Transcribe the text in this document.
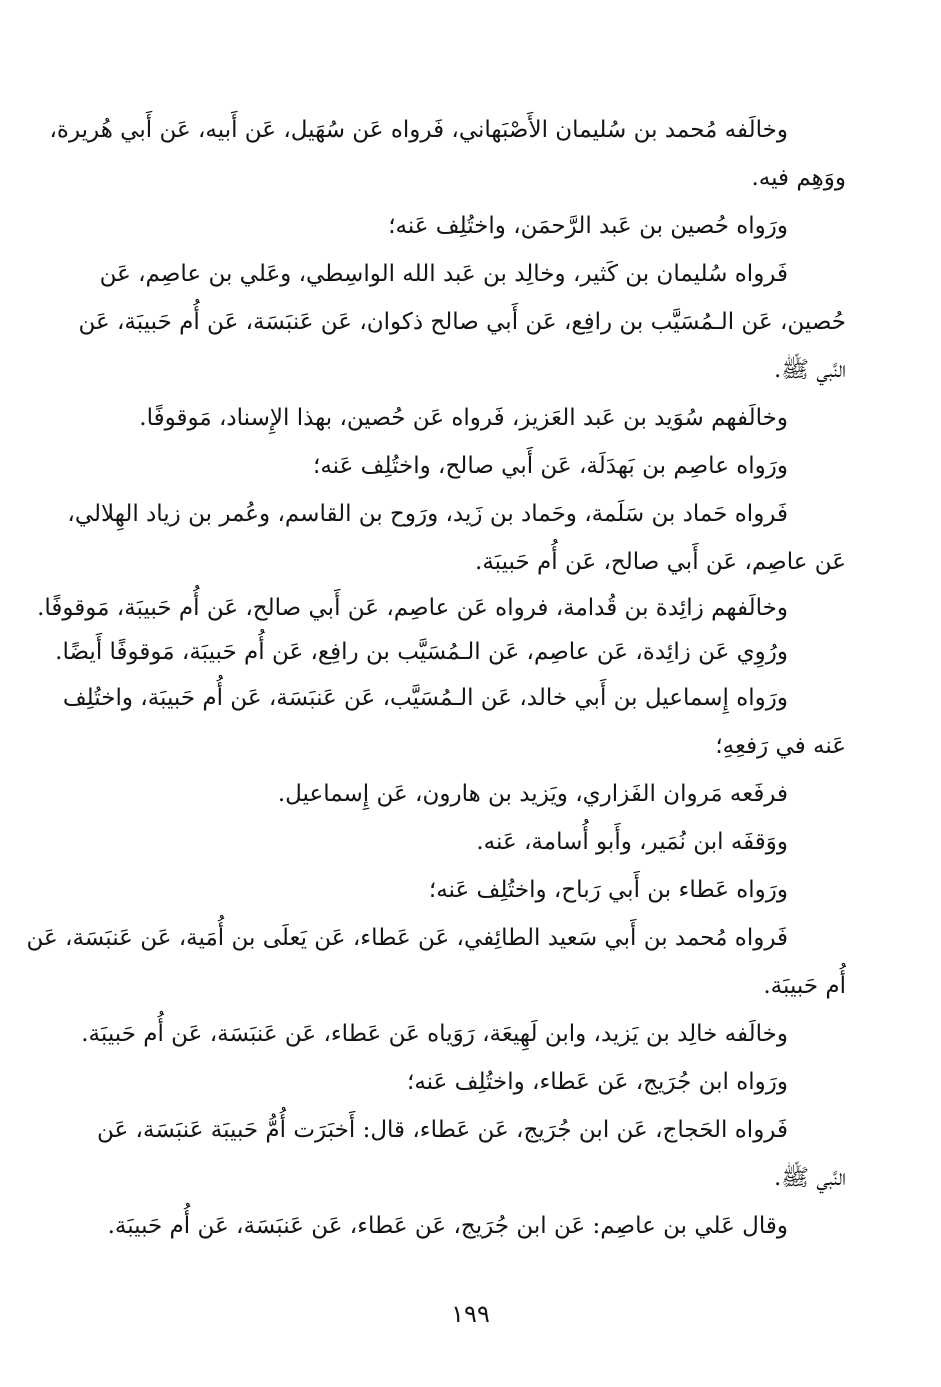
وخالَفه مُحمد بن سُليمان الأَصْبَهاني، فَرواه عَن سُهَيل، عَن أَبيه، عَن أَبي هُريرة،
ووَهِم فيه.
ورَواه حُصين بن عَبد الرَّحمَن، واختُلِف عَنه؛
فَرواه سُليمان بن كَثير، وخالِد بن عَبد الله الواسِطي، وعَلي بن عاصِم، عَن
حُصين، عَن الـمُسَيَّب بن رافِع، عَن أَبي صالح ذكوان، عَن عَنبَسَة، عَن أُم حَبيبَة، عَن
النَّبي ﷺ.
وخالَفهم سُوَيد بن عَبد العَزيز، فَرواه عَن حُصين، بهذا الإِسناد، مَوقوفًا.
ورَواه عاصِم بن بَهدَلَة، عَن أَبي صالح، واختُلِف عَنه؛
فَرواه حَماد بن سَلَمة، وحَماد بن زَيد، ورَوح بن القاسم، وعُمر بن زياد الهِلالي،
عَن عاصِم، عَن أَبي صالح، عَن أُم حَبيبَة.
وخالَفهم زائِدة بن قُدامة، فرواه عَن عاصِم، عَن أَبي صالح، عَن أُم حَبيبَة، مَوقوفًا.
ورُوِي عَن زائِدة، عَن عاصِم، عَن الـمُسَيَّب بن رافِع، عَن أُم حَبيبَة، مَوقوفًا أَيضًا.
ورَواه إِسماعيل بن أَبي خالد، عَن الـمُسَيَّب، عَن عَنبَسَة، عَن أُم حَبيبَة، واختُلِف
عَنه في رَفعِهِ؛
فرفَعه مَروان الفَزاري، ويَزيد بن هارون، عَن إِسماعيل.
ووَقفَه ابن نُمَير، وأَبو أُسامة، عَنه.
ورَواه عَطاء بن أَبي رَباح، واختُلِف عَنه؛
فَرواه مُحمد بن أَبي سَعيد الطائِفي، عَن عَطاء، عَن يَعلَى بن أُمَية، عَن عَنبَسَة، عَن
أُم حَبيبَة.
وخالَفه خالِد بن يَزيد، وابن لَهِيعَة، رَوَياه عَن عَطاء، عَن عَنبَسَة، عَن أُم حَبيبَة.
ورَواه ابن جُرَيج، عَن عَطاء، واختُلِف عَنه؛
فَرواه الحَجاج، عَن ابن جُرَيج، عَن عَطاء، قال: أَخبَرَت أُمُّ حَبيبَة عَنبَسَة، عَن
النَّبي ﷺ.
وقال عَلي بن عاصِم: عَن ابن جُرَيج، عَن عَطاء، عَن عَنبَسَة، عَن أُم حَبيبَة.
١٩٩
